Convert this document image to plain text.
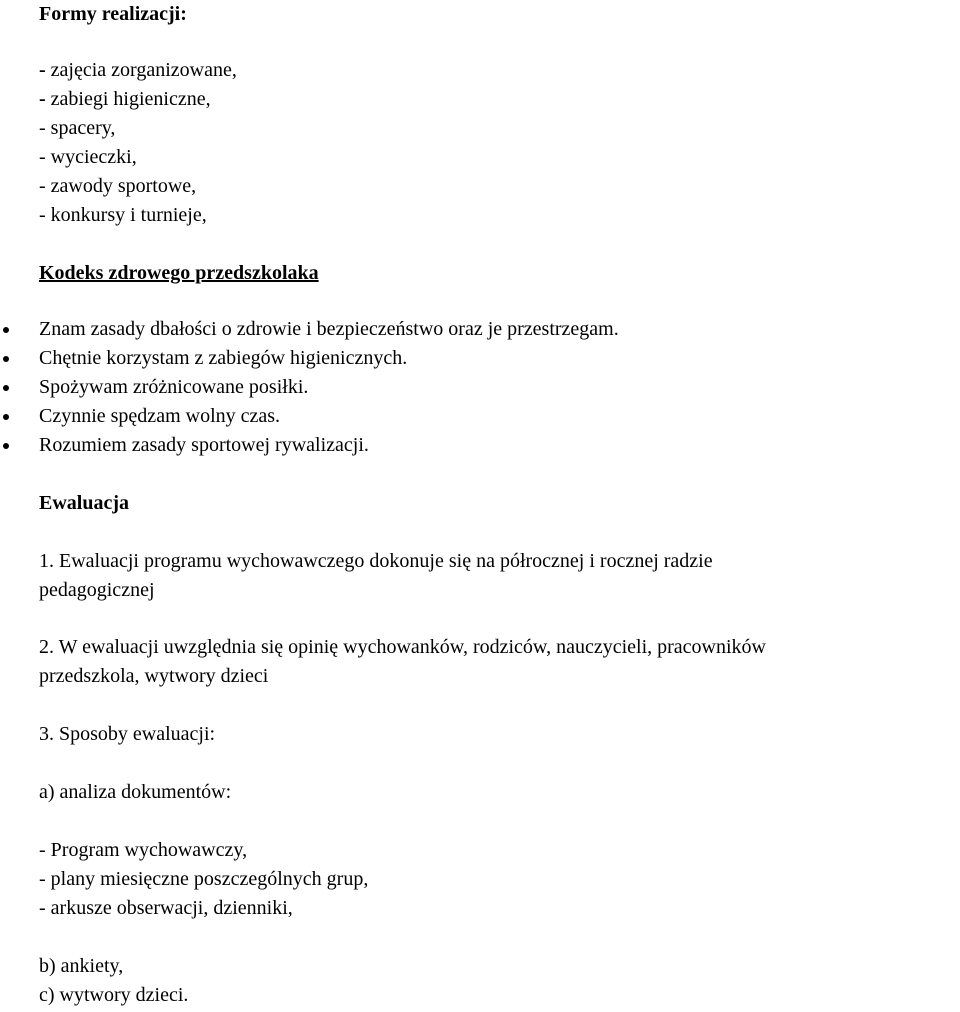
Formy realizacji:
- zajęcia zorganizowane,
- zabiegi higieniczne,
- spacery,
- wycieczki,
- zawody sportowe,
- konkursy i turnieje,
Kodeks zdrowego przedszkolaka
Znam zasady dbałości o zdrowie i bezpieczeństwo oraz je przestrzegam.
Chętnie korzystam z zabiegów higienicznych.
Spożywam zróżnicowane posiłki.
Czynnie spędzam wolny czas.
Rozumiem zasady sportowej rywalizacji.
Ewaluacja
1. Ewaluacji programu wychowawczego dokonuje się na półrocznej i rocznej radzie
pedagogicznej
2. W ewaluacji uwzględnia się opinię wychowanków, rodziców, nauczycieli, pracowników
przedszkola, wytwory dzieci
3. Sposoby ewaluacji:
a) analiza dokumentów:
- Program wychowawczy,
- plany miesięczne poszczególnych grup,
- arkusze obserwacji, dzienniki,
b) ankiety,
c) wytwory dzieci.
